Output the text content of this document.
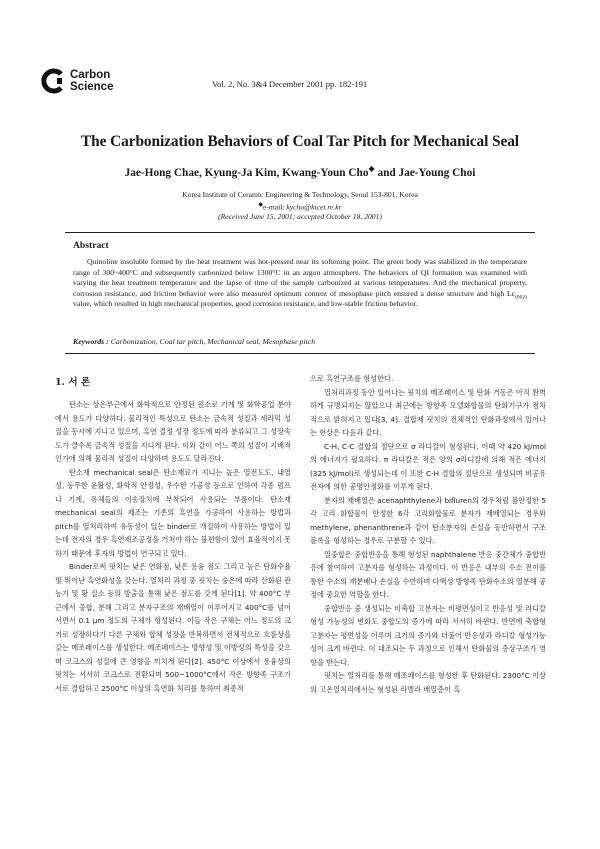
Carbon
Science	Vol. 2, No. 3&4 December 2001 pp. 182-191
The Carbonization Behaviors of Coal Tar Pitch for Mechanical Seal
Jae-Hong Chae, Kyung-Ja Kim, Kwang-Youn Cho◆ and Jae-Young Choi
Korea Institute of Ceramic Engineering & Technology, Seoul 153-801, Korea
◆e-mail: kycho@kicet.re.kr
(Received June 15, 2001; accepted October 18, 2001)
Abstract

Quinoline insoluble formed by the heat treatment was hot-pressed near its softening point. The green body was stabilized in the temperature range of 300~400°C and subsequently carbonized below 1300°C in an argon atmosphere. The behaviors of QI formation was examined with varying the heat treatment temperature and the lapse of time of the sample carbonized at various temperatures. And the mechanical property, corrosion resistance, and friction behavior were also measured optimum content of mesophase pitch ensured a dense structure and high $Lc_{(002)}$ value, which resulted in high mechanical properties, good corrosion resistance, and low-stable friction behavior.

Keywords : Carbonization, Coal tar pitch, Mechanical seal, Mesophase pitch
1. 서 론

탄소는 상온부근에서 화학적으로 안정된 원소로 기계 및 화학공업 분야에서 용도가 다양하다. 물리적인 특성으로 탄소는 금속적 성질과 세라믹 성질을 동시에 지니고 있으며, 흑연 결정 성장 정도에 따라 분류되고 그 성장속도가 클수록 금속적 성질을 지니게 된다. 이와 같이 어느 쪽의 성질이 지배적인가에 의해 물리적 성질이 다양하며 용도도 달라진다.

탄소재 mechanical seal은 탄소재료가 지니는 높은 열전도도, 내열성, 등무한 윤활성, 화학적 안정성, 우수한 가공성 등으로 인하여 각종 펌프나 기계, 유체들의 이송장치에 부착되어 사용되는 부품이다. 탄소재 mechanical seal의 제조는 기존의 흑연을 가공하여 사용하는 방법과 pitch를 열처리하여 유동성이 있는 binder로 개질하여 사용하는 방법이 있는데 전자의 경우 흑연제조공정을 거쳐야 하는 불편함이 있어 효율적이지 못하기 때문에 후자의 방법이 연구되고 있다.

Binder로써 핏치는 낮은 연화점, 낮은 용융 점도 그리고 높은 탄화수율 및 뛰어난 흑연화성을 갖는다. 열처리 과정 중 핏치는 숭온에 따라 산화된 관능기 및 황 질소 등의 방출을 통해 낮은 점도를 갖게 된다[1]. 약 400°C 부근에서 중합, 분해 그리고 분자구조의 재배열이 이루어지고 400°C를 넘어서면서 0.1 µm 정도의 구체가 형성된다. 이들 작은 구체는 어느 정도의 크기로 성장하다가 다른 구체와 합체 성장을 반복하면서 전체적으로 흐름상을 갖는 메조페이스를 생성한다. 메조페이스는 방향성 및 이방성의 특성을 갖으며 코크스의 성질에 큰 영향을 끼치게 된다[2]. 450°C 이상에서 용융상의 핏치는 서서히 코크스로 전환되며 500~1000°C에서 작은 방향족 구조가 서로 결합하고 2500°C 이상의 흑연화 처리를 통하여 최종적

으로 흑연구조를 형성한다.

열처리과정 동안 일어나는 핏치의 메조페이스 및 탄화 거동은 아직 완벽하게 규명되지는 않았으나 최근에는 방향족 모델화합물의 탄화기구가 점차적으로 밝혀지고 있다[3, 4]. 결합제 핏치의 전체적인 탄화과정에서 일어나는 현상은 다음과 같다.

C-H, C-C 결합의 절단으로 σ 라디칼이 형성된다. 이때 약 420 kJ/mol의 에너지가 필요하다. π 라디칼은 적은 양의 σ라디칼에 의해 적은 에너지(325 kJ/mol)로 생성되는데 이 또한 C-H 결합의 절단으로 생성되며 비공유전자에 의한 공명안정화를 이루게 된다.

분자의 재배열은 acenaphthylene과 bifluren의 경우처럼 불안정한 5각 고리 화합물이 안정한 6각 고리화합물로 분자가 재배열되는 경우와 methylene, phenanthrene과 같이 탄소분자의 손실을 동반하면서 구조 블록을 형성하는 경우로 구분할 수 있다.

열중합은 중합반응을 통해 형성된 naphthalene 반응 중간체가 중합반응에 참여하여 고분자를 형성하는 과정이다. 이 반응은 내부의 수소 전이를 통한 수소의 재분배나 손실을 수반하며 다핵성 방향족 탄화수소의 열분해 공정에 중요한 역할을 한다.

중합반응 중 생성되는 비축합 고분자는 비평면성이고 반응성 및 라디칼 형성 가능성의 변화도 중합도의 증가에 따라 서서히 바뀐다. 반면에 축합형 고분자는 평면성을 이루며 크기의 증가와 더불어 반응성과 라디칼 형성가능성이 크게 바뀐다. 이 대조되는 두 과정으로 인해서 탄화물의 층상구조가 영향을 받는다.

핏치는 열처리를 통해 메조페이스를 형성한 후 탄화된다. 2300°C 이상의 고온열처리에서는 형성된 라멜라 배열층이 흑
